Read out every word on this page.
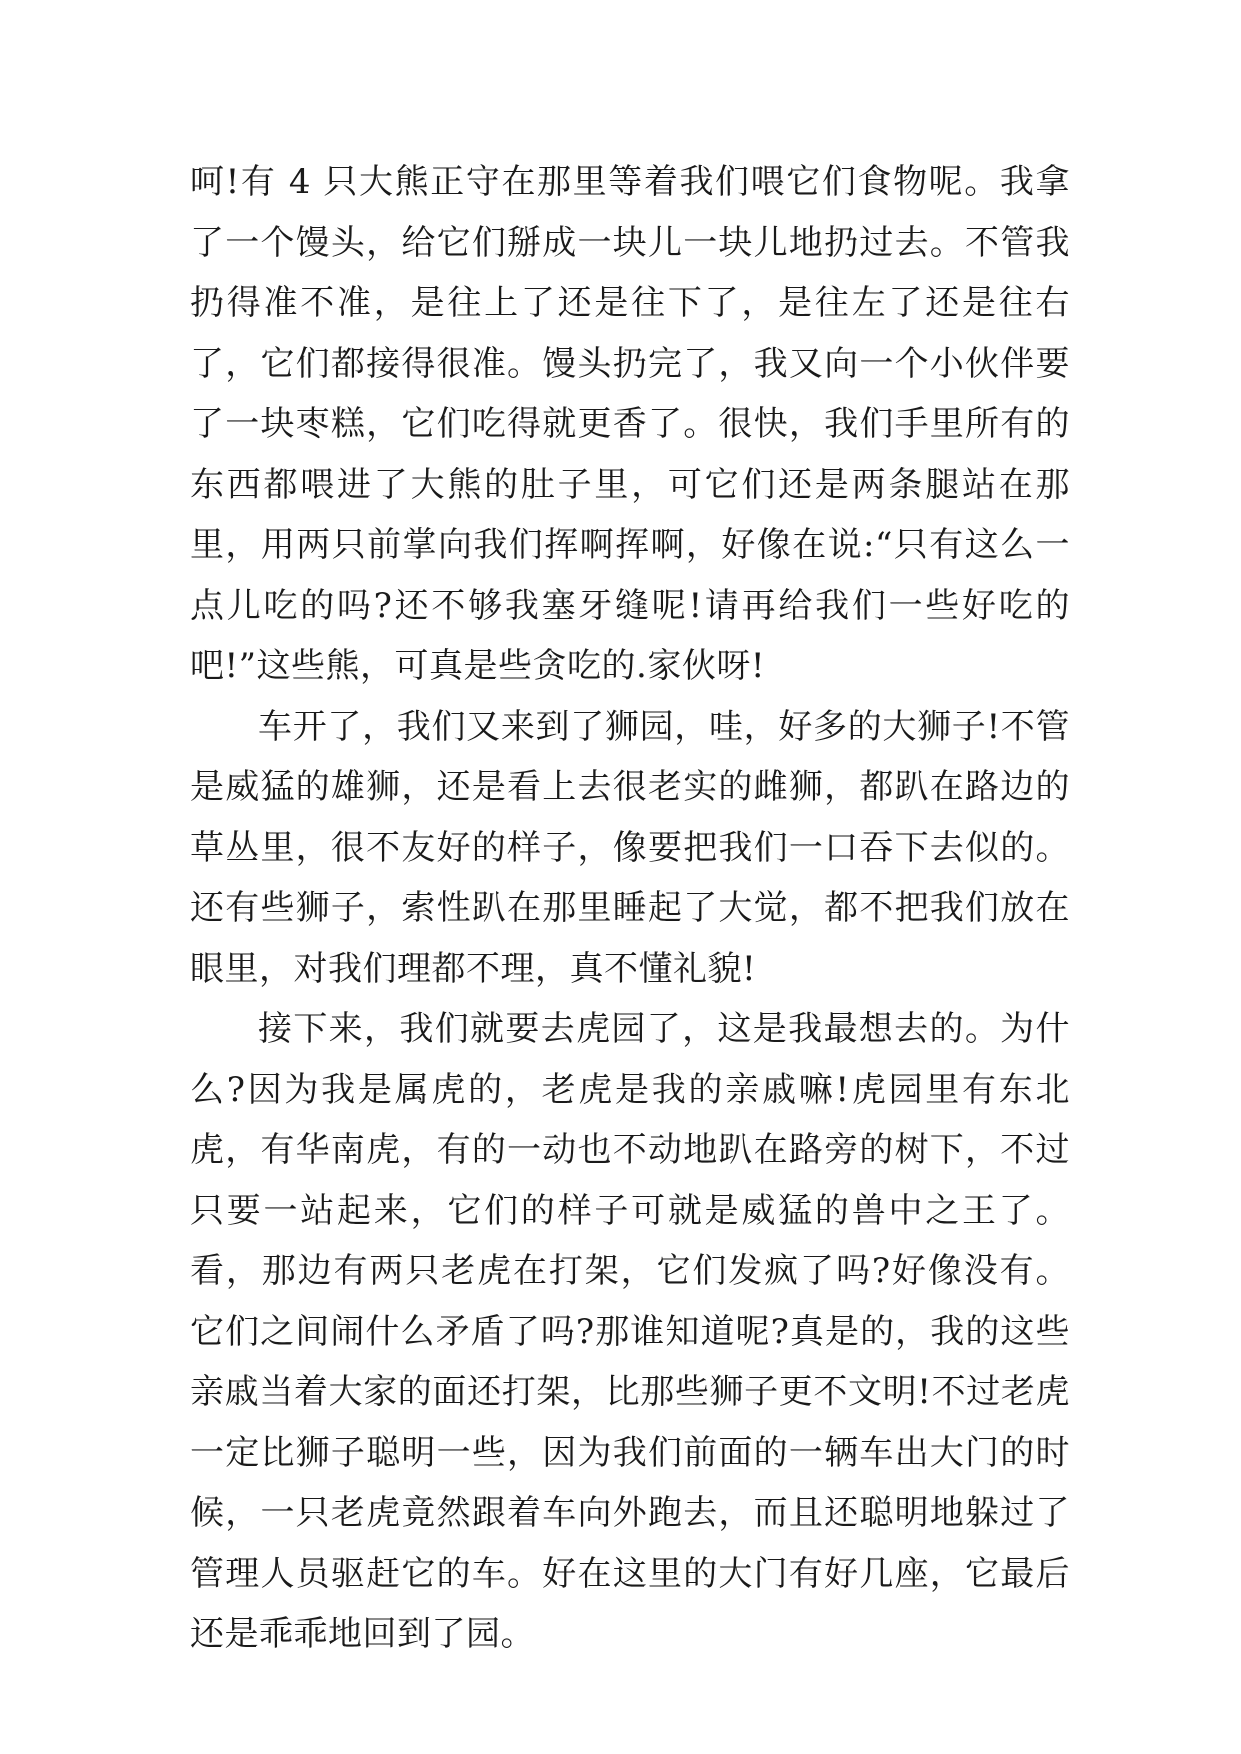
呵!有 4 只大熊正守在那里等着我们喂它们食物呢。我拿了一个馒头，给它们掰成一块儿一块儿地扔过去。不管我扔得准不准，是往上了还是往下了，是往左了还是往右了，它们都接得很准。馒头扔完了，我又向一个小伙伴要了一块枣糕，它们吃得就更香了。很快，我们手里所有的东西都喂进了大熊的肚子里，可它们还是两条腿站在那里，用两只前掌向我们挥啊挥啊，好像在说:“只有这么一点儿吃的吗?还不够我塞牙缝呢!请再给我们一些好吃的吧!”这些熊，可真是些贪吃的.家伙呀!

车开了，我们又来到了狮园，哇，好多的大狮子!不管是威猛的雄狮，还是看上去很老实的雌狮，都趴在路边的草丛里，很不友好的样子，像要把我们一口吞下去似的。还有些狮子，索性趴在那里睡起了大觉，都不把我们放在眼里，对我们理都不理，真不懂礼貌!

接下来，我们就要去虎园了，这是我最想去的。为什么?因为我是属虎的，老虎是我的亲戚嘛!虎园里有东北虎，有华南虎，有的一动也不动地趴在路旁的树下，不过只要一站起来，它们的样子可就是威猛的兽中之王了。看，那边有两只老虎在打架，它们发疯了吗?好像没有。它们之间闹什么矛盾了吗?那谁知道呢?真是的，我的这些亲戚当着大家的面还打架，比那些狮子更不文明!不过老虎一定比狮子聪明一些，因为我们前面的一辆车出大门的时候，一只老虎竟然跟着车向外跑去，而且还聪明地躲过了管理人员驱赶它的车。好在这里的大门有好几座，它最后还是乖乖地回到了园。
